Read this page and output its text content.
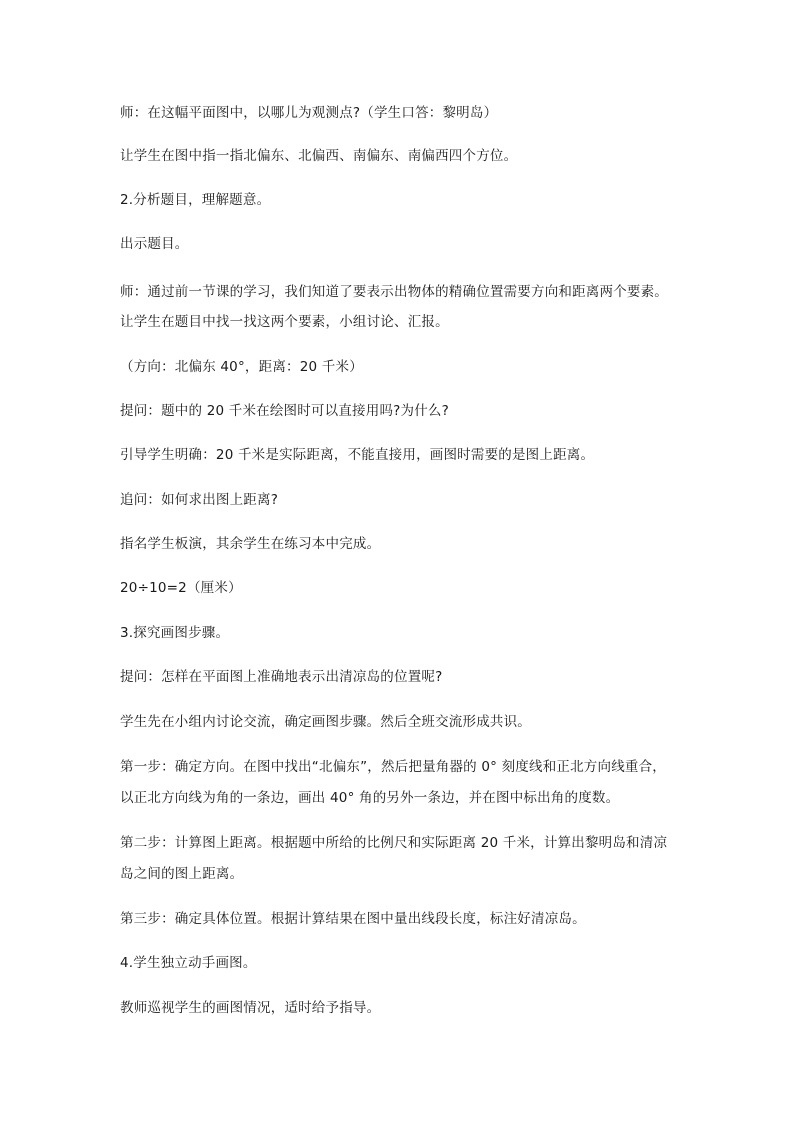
师：在这幅平面图中，以哪儿为观测点?（学生口答：黎明岛）
让学生在图中指一指北偏东、北偏西、南偏东、南偏西四个方位。
2.分析题目，理解题意。
出示题目。
师：通过前一节课的学习，我们知道了要表示出物体的精确位置需要方向和距离两个要素。
让学生在题目中找一找这两个要素，小组讨论、汇报。
（方向：北偏东 40°，距离：20 千米）
提问：题中的 20 千米在绘图时可以直接用吗?为什么?
引导学生明确：20 千米是实际距离，不能直接用，画图时需要的是图上距离。
追问：如何求出图上距离?
指名学生板演，其余学生在练习本中完成。
20÷10=2（厘米）
3.探究画图步骤。
提问：怎样在平面图上准确地表示出清凉岛的位置呢?
学生先在小组内讨论交流，确定画图步骤。然后全班交流形成共识。
第一步：确定方向。在图中找出“北偏东”，然后把量角器的 0° 刻度线和正北方向线重合，
以正北方向线为角的一条边，画出 40° 角的另外一条边，并在图中标出角的度数。
第二步：计算图上距离。根据题中所给的比例尺和实际距离 20 千米，计算出黎明岛和清凉
岛之间的图上距离。
第三步：确定具体位置。根据计算结果在图中量出线段长度，标注好清凉岛。
4.学生独立动手画图。
教师巡视学生的画图情况，适时给予指导。
